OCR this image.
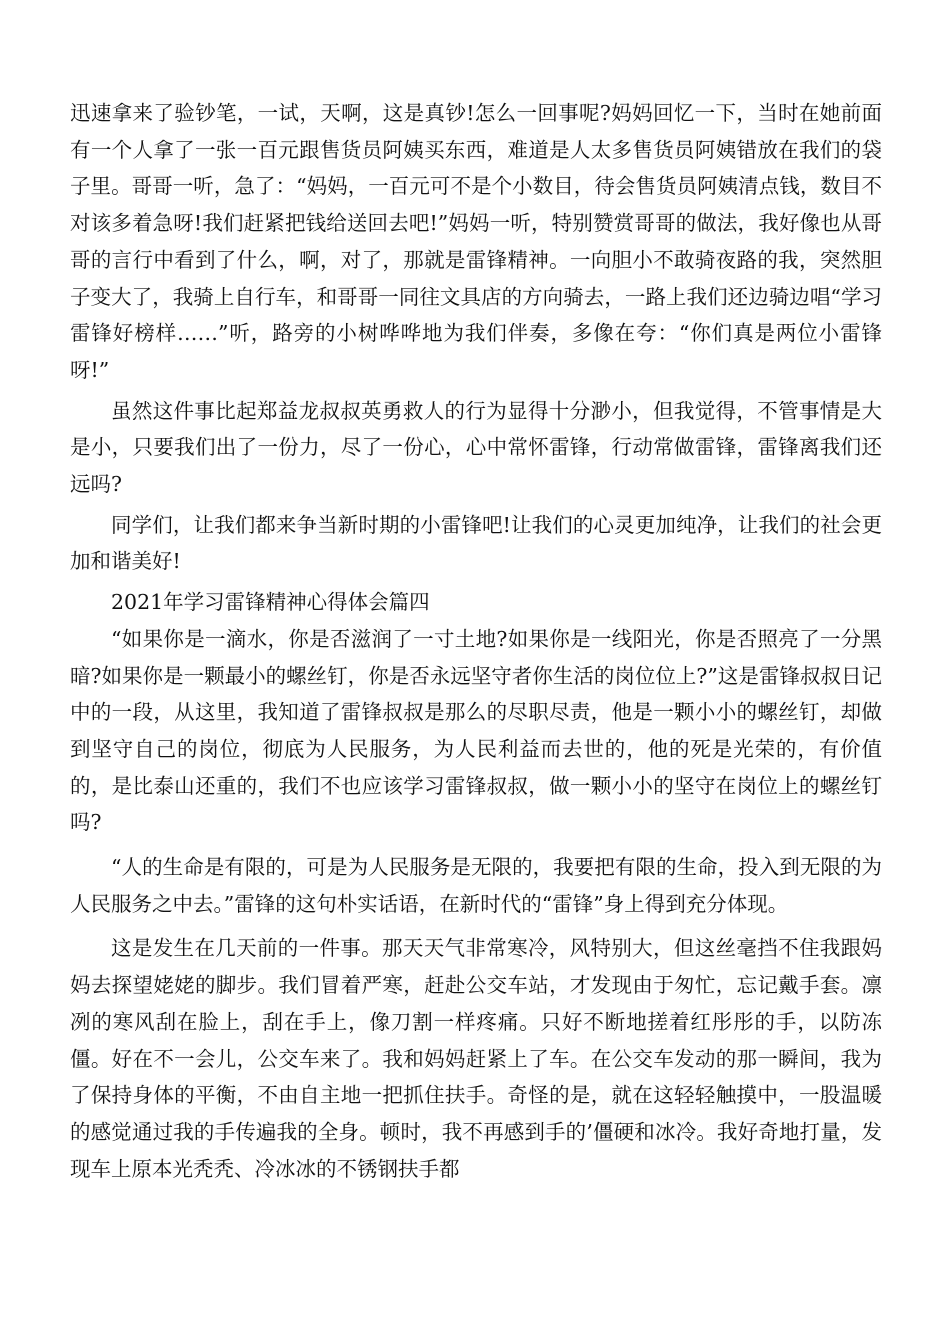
迅速拿来了验钞笔，一试，天啊，这是真钞!怎么一回事呢?妈妈回忆一下，当时在她前面有一个人拿了一张一百元跟售货员阿姨买东西，难道是人太多售货员阿姨错放在我们的袋子里。哥哥一听，急了：“妈妈，一百元可不是个小数目，待会售货员阿姨清点钱，数目不对该多着急呀!我们赶紧把钱给送回去吧!”妈妈一听，特别赞赏哥哥的做法，我好像也从哥哥的言行中看到了什么，啊，对了，那就是雷锋精神。一向胆小不敢骑夜路的我，突然胆子变大了，我骑上自行车，和哥哥一同往文具店的方向骑去，一路上我们还边骑边唱“学习雷锋好榜样……”听，路旁的小树哗哗地为我们伴奏，多像在夸：“你们真是两位小雷锋呀!”

虽然这件事比起郑益龙叔叔英勇救人的行为显得十分渺小，但我觉得，不管事情是大是小，只要我们出了一份力，尽了一份心，心中常怀雷锋，行动常做雷锋，雷锋离我们还远吗?

同学们，让我们都来争当新时期的小雷锋吧!让我们的心灵更加纯净，让我们的社会更加和谐美好!

2021年学习雷锋精神心得体会篇四

“如果你是一滴水，你是否滋润了一寸土地?如果你是一线阳光，你是否照亮了一分黑暗?如果你是一颗最小的螺丝钉，你是否永远坚守者你生活的岗位位上?”这是雷锋叔叔日记中的一段，从这里，我知道了雷锋叔叔是那么的尽职尽责，他是一颗小小的螺丝钉，却做到坚守自己的岗位，彻底为人民服务，为人民利益而去世的，他的死是光荣的，有价值的，是比泰山还重的，我们不也应该学习雷锋叔叔，做一颗小小的坚守在岗位上的螺丝钉吗?

“人的生命是有限的，可是为人民服务是无限的，我要把有限的生命，投入到无限的为人民服务之中去。”雷锋的这句朴实话语，在新时代的“雷锋”身上得到充分体现。

这是发生在几天前的一件事。那天天气非常寒冷，风特别大，但这丝毫挡不住我跟妈妈去探望姥姥的脚步。我们冒着严寒，赶赴公交车站，才发现由于匆忙，忘记戴手套。凛冽的寒风刮在脸上，刮在手上，像刀割一样疼痛。只好不断地搓着红彤彤的手，以防冻僵。好在不一会儿，公交车来了。我和妈妈赶紧上了车。在公交车发动的那一瞬间，我为了保持身体的平衡，不由自主地一把抓住扶手。奇怪的是，就在这轻轻触摸中，一股温暖的感觉通过我的手传遍我的全身。顿时，我不再感到手的’僵硬和冰冷。我好奇地打量，发现车上原本光秃秃、冷冰冰的不锈钢扶手都
